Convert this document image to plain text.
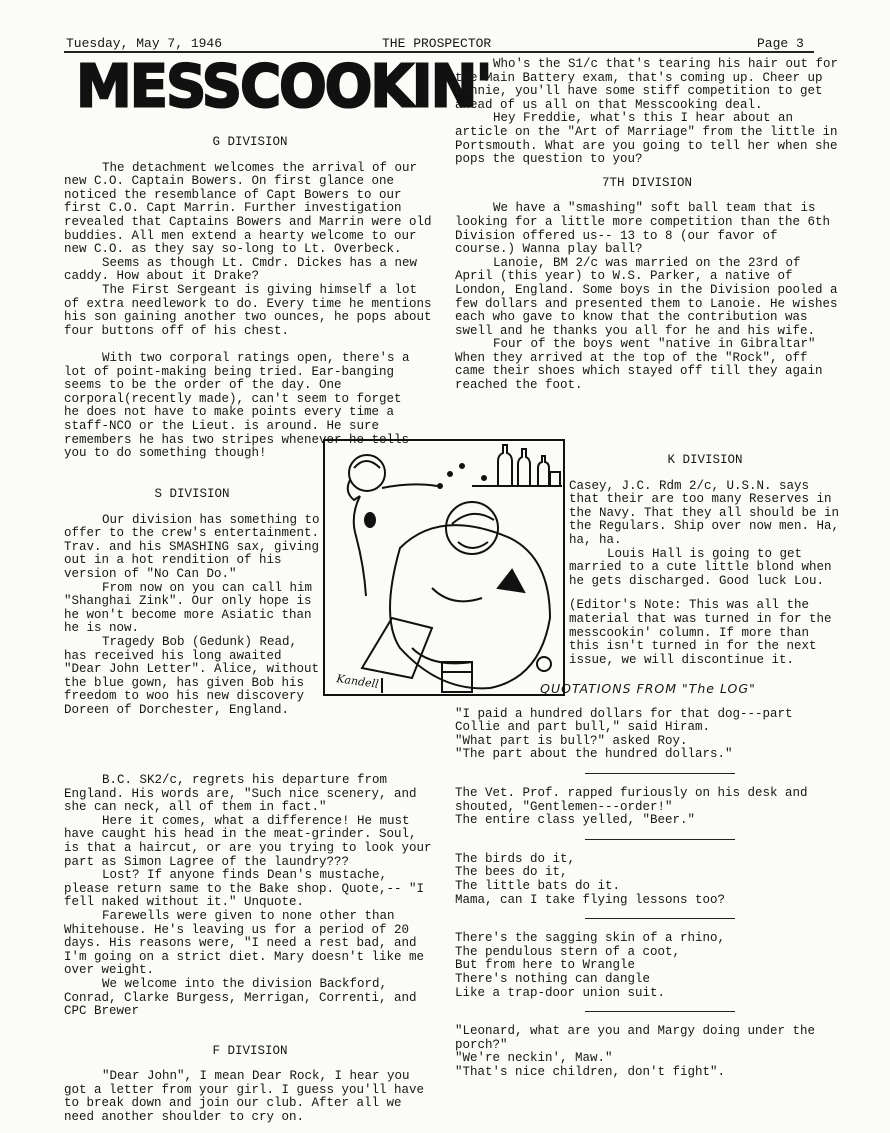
Tuesday, May 7, 1946	THE PROSPECTOR	Page 3
MESSCOOKIN'
G DIVISION

The detachment welcomes the arrival of our new C.O. Captain Bowers. On first glance one noticed the resemblance of Capt Bowers to our first C.O. Capt Marrin. Further investigation revealed that Captains Bowers and Marrin were old buddies. All men extend a hearty welcome to our new C.O. as they say so-long to Lt. Overbeck.

Seems as though Lt. Cmdr. Dickes has a new caddy. How about it Drake?

The First Sergeant is giving himself a lot of extra needlework to do. Every time he mentions his son gaining another two ounces, he pops about four buttons off of his chest.

With two corporal ratings open, there's a lot of point-making being tried. Ear-banging seems to be the order of the day. One corporal(recently made), can't seem to forget he does not have to make points every time a staff-NCO or the Lieut. is around. He sure remembers he has two stripes whenever he tells you to do something though!

S DIVISION

Our division has something to offer to the crew's entertainment. Trav. and his SMASHING sax, giving out in a hot rendition of his version of "No Can Do."

From now on you can call him "Shanghai Zink". Our only hope is he won't become more Asiatic than he is now.

Tragedy Bob (Gedunk) Read, has received his long awaited "Dear John Letter". Alice, without the blue gown, has given Bob his freedom to woo his new discovery Doreen of Dorchester, England.

B.C. SK2/c, regrets his departure from England. His words are, "Such nice scenery, and she can neck, all of them in fact."

Here it comes, what a difference! He must have caught his head in the meat-grinder. Soul, is that a haircut, or are you trying to look your part as Simon Lagree of the laundry???

Lost? If anyone finds Dean's mustache, please return same to the Bake shop. Quote,-- "I fell naked without it." Unquote.

Farewells were given to none other than Whitehouse. He's leaving us for a period of 20 days. His reasons were, "I need a rest bad, and I'm going on a strict diet. Mary doesn't like me over weight.

We welcome into the division Backford, Conrad, Clarke Burgess, Merrigan, Correnti, and CPC Brewer

F DIVISION

"Dear John", I mean Dear Rock, I hear you got a letter from your girl. I guess you'll have to break down and join our club. After all we need another shoulder to cry on.

Who's the S1/c that's tearing his hair out for the Main Battery exam, that's coming up. Cheer up Lennie, you'll have some stiff competition to get ahead of us all on that Messcooking deal.

Hey Freddie, what's this I hear about an article on the "Art of Marriage" from the little in Portsmouth. What are you going to tell her when she pops the question to you?

7TH DIVISION

We have a "smashing" soft ball team that is looking for a little more competition than the 6th Division offered us-- 13 to 8 (our favor of course.) Wanna play ball?

Lanoie, BM 2/c was married on the 23rd of April (this year) to W.S. Parker, a native of London, England. Some boys in the Division pooled a few dollars and presented them to Lanoie. He wishes each who gave to know that the contribution was swell and he thanks you all for he and his wife.

Four of the boys went "native in Gibraltar" When they arrived at the top of the "Rock", off came their shoes which stayed off till they again reached the foot.

K DIVISION

Casey, J.C. Rdm 2/c, U.S.N. says that their are too many Reserves in the Navy. That they all should be in the Regulars. Ship over now men. Ha, ha, ha.

Louis Hall is going to get married to a cute little blond when he gets discharged. Good luck Lou.

(Editor's Note: This was all the material that was turned in for the messcookin' column. If more than this isn't turned in for the next issue, we will discontinue it.

QUOTATIONS FROM "The LOG"

"I paid a hundred dollars for that dog---part Collie and part bull," said Hiram.

"What part is bull?" asked Roy.

"The part about the hundred dollars."

The Vet. Prof. rapped furiously on his desk and shouted, "Gentlemen---order!"

The entire class yelled, "Beer."

The birds do it,

The bees do it,

The little bats do it.

Mama, can I take flying lessons too?

There's the sagging skin of a rhino,

The pendulous stern of a coot,

But from here to Wrangle

There's nothing can dangle

Like a trap-door union suit.

"Leonard, what are you and Margy doing under the porch?"

"We're neckin', Maw."

"That's nice children, don't fight".

Kandell
